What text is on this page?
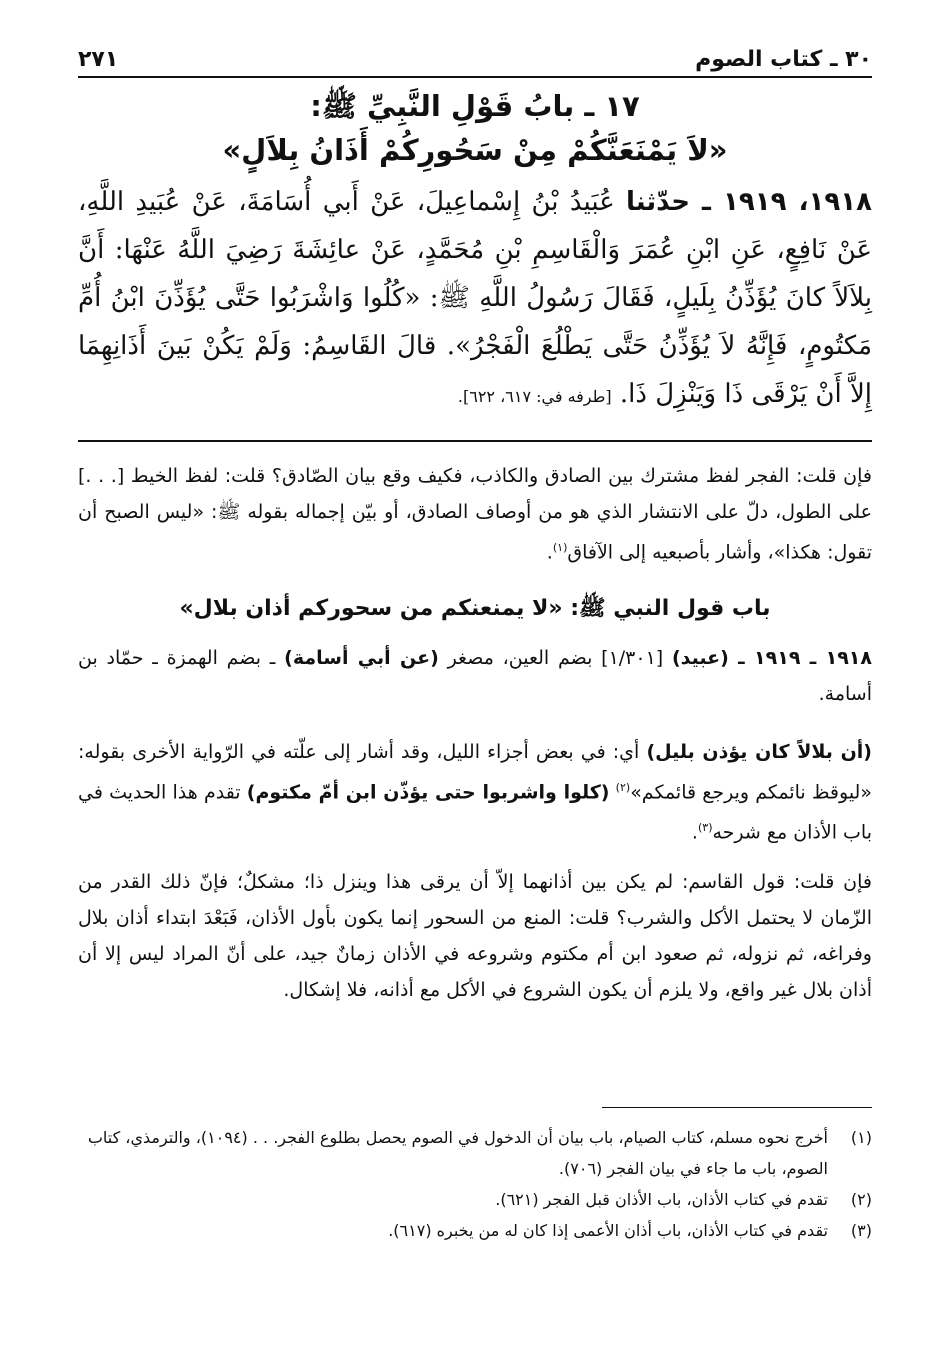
٣٠ ـ كتاب الصوم
٢٧١
١٧ ـ بابُ قَوْلِ النَّبِيِّ ﷺ:
«لاَ يَمْنَعَنَّكُمْ مِنْ سَحُورِكُمْ أَذَانُ بِلاَلٍ»
١٩١٨، ١٩١٩ ـ حدّثنا عُبَيدُ بْنُ إِسْماعِيلَ، عَنْ أَبي أُسَامَةَ، عَنْ عُبَيدِ اللَّهِ، عَنْ نَافِعٍ، عَنِ ابْنِ عُمَرَ وَالْقَاسِمِ بْنِ مُحَمَّدٍ، عَنْ عائِشَةَ رَضِيَ اللَّهُ عَنْهَا: أَنَّ بِلاَلاً كانَ يُؤَذِّنُ بِلَيلٍ، فَقَالَ رَسُولُ اللَّهِ ﷺ: «كُلُوا وَاشْرَبُوا حَتَّى يُؤَذِّنَ ابْنُ أُمِّ مَكتُومٍ، فَإِنَّهُ لاَ يُؤَذِّنُ حَتَّى يَطْلُعَ الْفَجْرُ». قالَ القَاسِمُ: وَلَمْ يَكُنْ بَينَ أَذَانِهِمَا إِلاَّ أَنْ يَرْقَى ذَا وَيَنْزِلَ ذَا. [طرفه في: ٦١٧، ٦٢٢].
فإن قلت: الفجر لفظ مشترك بين الصادق والكاذب، فكيف وقع بيان الصّادق؟ قلت: لفظ الخيط [. . .] على الطول، دلّ على الانتشار الذي هو من أوصاف الصادق، أو بيّن إجماله بقوله ﷺ: «ليس الصبح أن تقول: هكذا»، وأشار بأصبعيه إلى الآفاق$^{(١)}$.
باب قول النبي ﷺ: «لا يمنعنكم من سحوركم أذان بلال»
١٩١٨ ـ ١٩١٩ ـ (عبيد) [١/٣٠١] بضم العين، مصغر (عن أبي أسامة) ـ بضم الهمزة ـ حمّاد بن أسامة.
(أن بلالاً كان يؤذن بليل) أي: في بعض أجزاء الليل، وقد أشار إلى علّته في الرّواية الأخرى بقوله: «ليوقظ نائمكم ويرجع قائمكم»$^{(٢)}$ (كلوا واشربوا حتى يؤذّن ابن أمّ مكتوم) تقدم هذا الحديث في باب الأذان مع شرحه$^{(٣)}$.
فإن قلت: قول القاسم: لم يكن بين أذانهما إلاّ أن يرقى هذا وينزل ذا؛ مشكلٌ؛ فإنّ ذلك القدر من الزّمان لا يحتمل الأكل والشرب؟ قلت: المنع من السحور إنما يكون بأول الأذان، فَبَعْدَ ابتداء أذان بلال وفراغه، ثم نزوله، ثم صعود ابن أم مكتوم وشروعه في الأذان زمانٌ جيد، على أنّ المراد ليس إلا أن أذان بلال غير واقع، ولا يلزم أن يكون الشروع في الأكل مع أذانه، فلا إشكال.
(١)
أخرج نحوه مسلم، كتاب الصيام، باب بيان أن الدخول في الصوم يحصل بطلوع الفجر. . . (١٠٩٤)، والترمذي، كتاب الصوم، باب ما جاء في بيان الفجر (٧٠٦).
(٢)
تقدم في كتاب الأذان، باب الأذان قبل الفجر (٦٢١).
(٣)
تقدم في كتاب الأذان، باب أذان الأعمى إذا كان له من يخبره (٦١٧).
